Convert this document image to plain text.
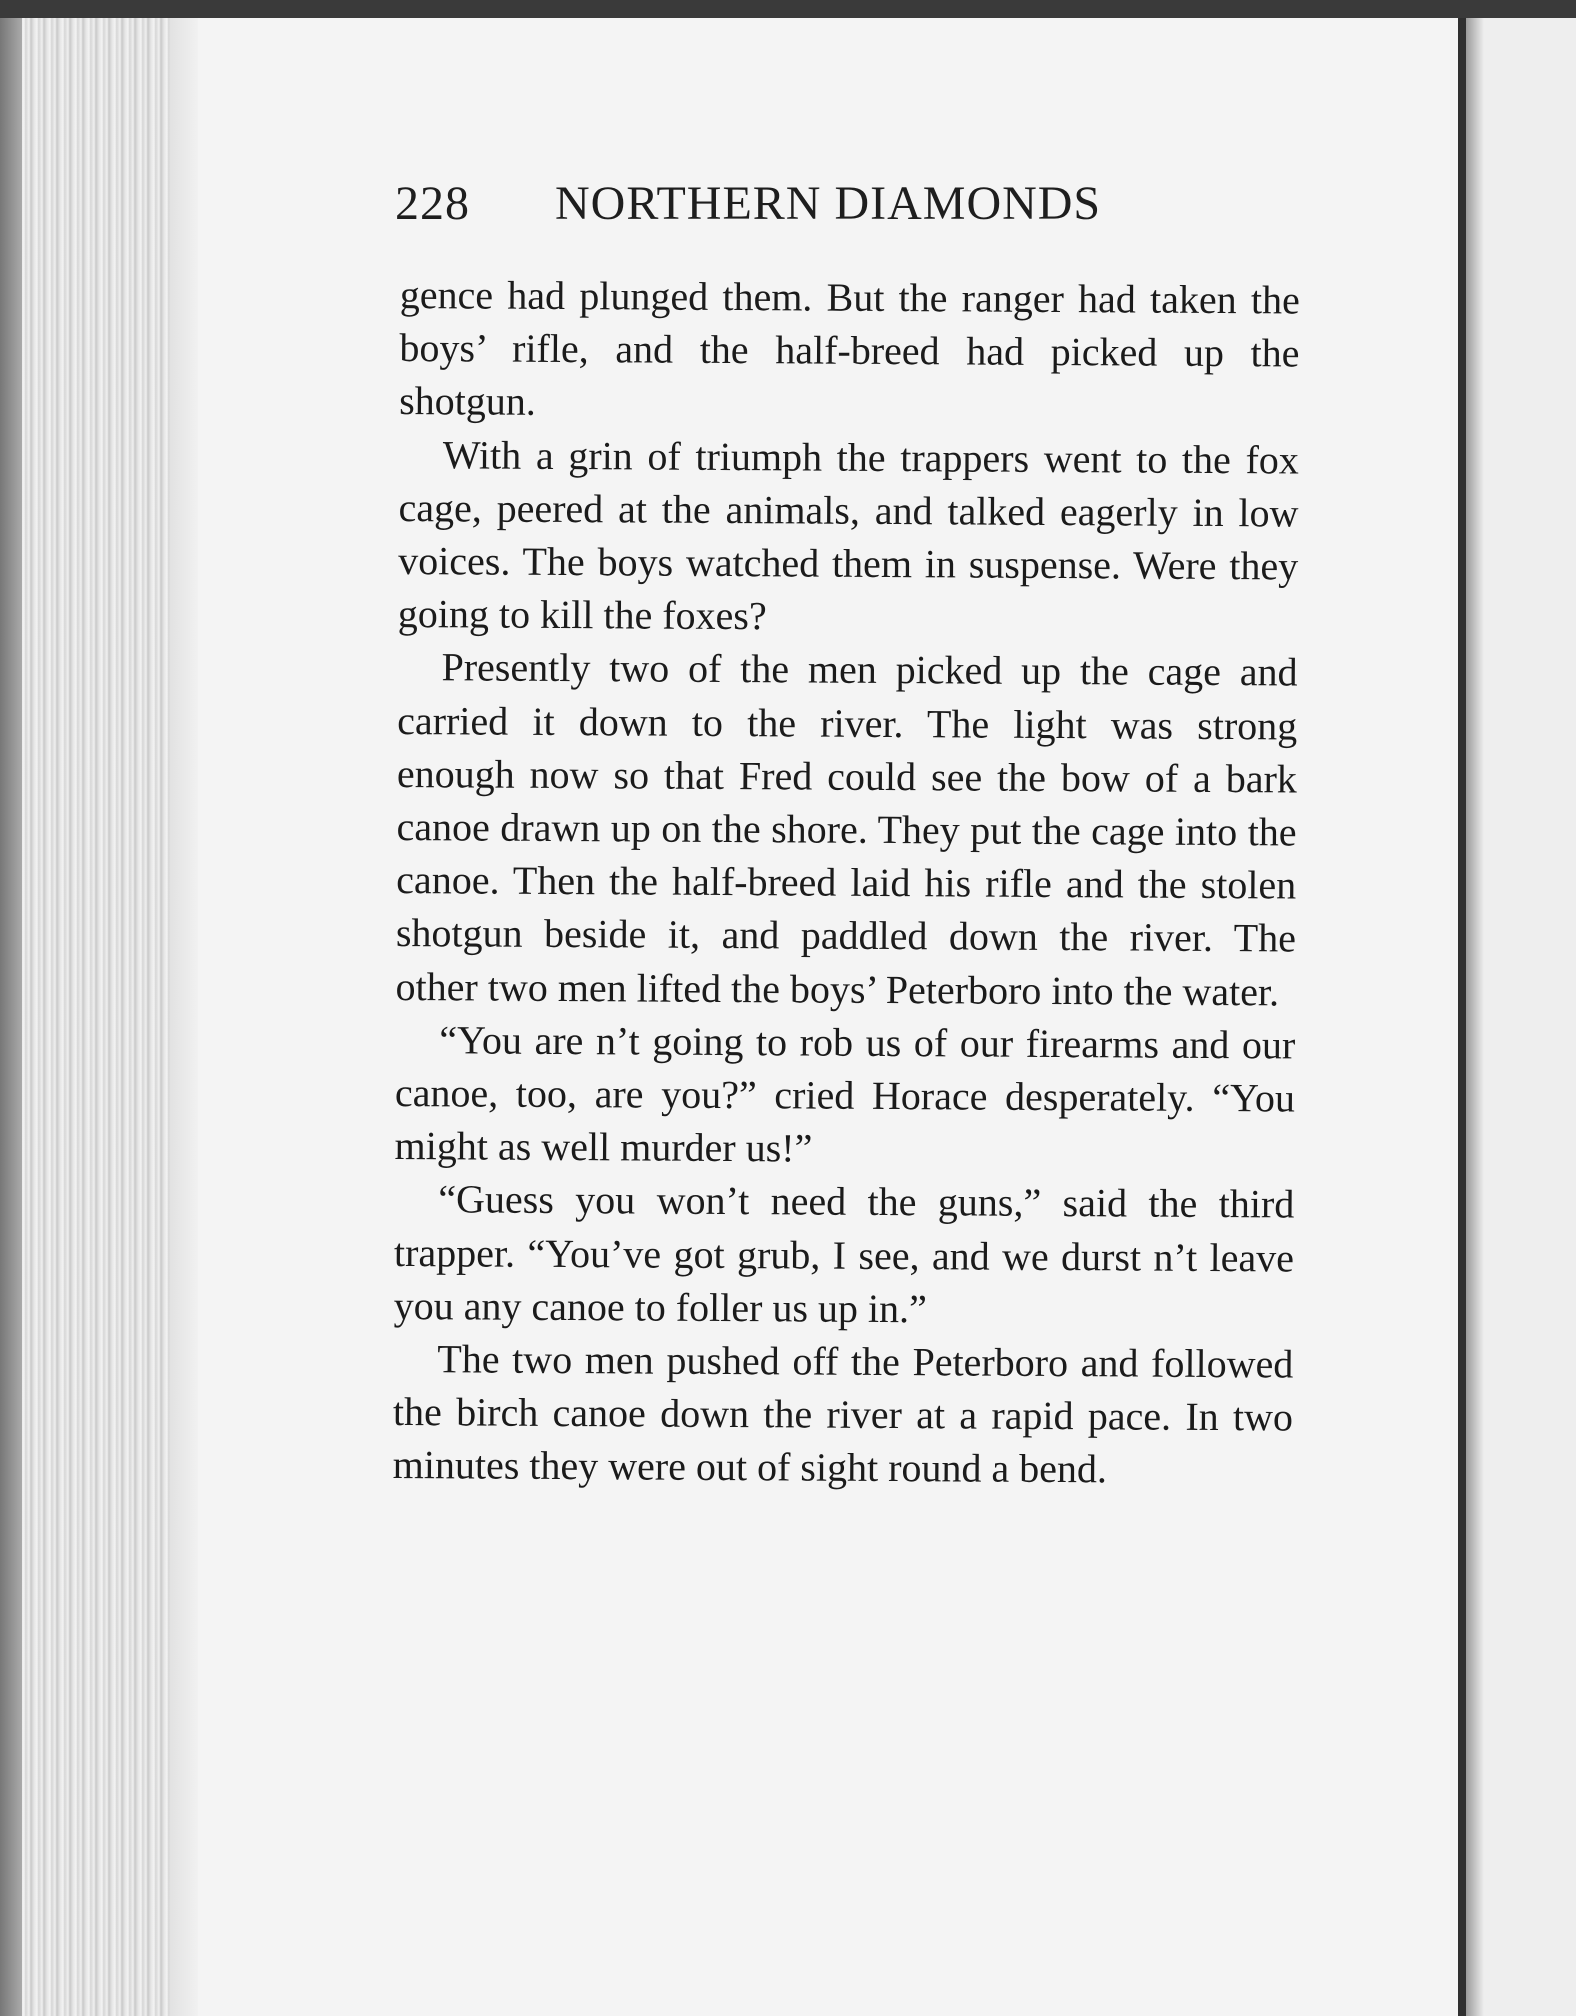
228 NORTHERN DIAMONDS

gence had plunged them. But the ranger had taken the boys’ rifle, and the half-breed had picked up the shotgun.

With a grin of triumph the trappers went to the fox cage, peered at the animals, and talked eagerly in low voices. The boys watched them in suspense. Were they going to kill the foxes?

Presently two of the men picked up the cage and carried it down to the river. The light was strong enough now so that Fred could see the bow of a bark canoe drawn up on the shore. They put the cage into the canoe. Then the half-breed laid his rifle and the stolen shotgun beside it, and paddled down the river. The other two men lifted the boys’ Peterboro into the water.

“You are n’t going to rob us of our firearms and our canoe, too, are you?” cried Horace desperately. “You might as well murder us!”

“Guess you won’t need the guns,” said the third trapper. “You’ve got grub, I see, and we durst n’t leave you any canoe to foller us up in.”

The two men pushed off the Peterboro and followed the birch canoe down the river at a rapid pace. In two minutes they were out of sight round a bend.
